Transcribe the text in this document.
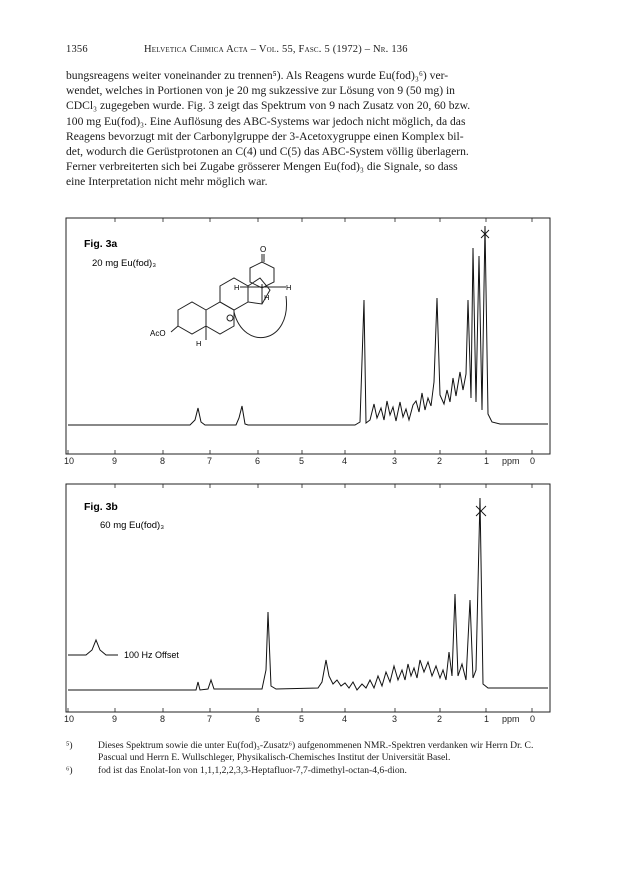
1356	Helvetica Chimica Acta – Vol. 55, Fasc. 5 (1972) – Nr. 136

bungsreagens weiter voneinander zu trennen⁵). Als Reagens wurde Eu(fod)₃⁶) ver-

wendet, welches in Portionen von je 20 mg sukzessive zur Lösung von 9 (50 mg) in

CDCl₃ zugegeben wurde. Fig. 3 zeigt das Spektrum von 9 nach Zusatz von 20, 60 bzw.

100 mg Eu(fod)₃. Eine Auflösung des ABC-Systems war jedoch nicht möglich, da das

Reagens bevorzugt mit der Carbonylgruppe der 3-Acetoxygruppe einen Komplex bil-

det, wodurch die Gerüstprotonen an C(4) und C(5) das ABC-System völlig überlagern.

Ferner verbreiterten sich bei Zugabe grösserer Mengen Eu(fod)₃ die Signale, so dass

eine Interpretation nicht mehr möglich war.

Fig. 3a
20 mg Eu(fod)₃
O
H
H
H
H
AcO
10	9	8	7	6	5	4	3	2	1 ppm 0
Fig. 3b
60 mg Eu(fod)₃
100 Hz Offset
10	9	8	7	6	5	4	3	2	1 ppm 0
⁵)	Dieses Spektrum sowie die unter Eu(fod)₃-Zusatz⁶) aufgenommenen NMR.-Spektren verdanken wir Herrn Dr. C. Pascual und Herrn E. Wullschleger, Physikalisch-Chemisches Institut der Universität Basel.
⁶)	fod ist das Enolat-Ion von 1,1,1,2,2,3,3-Heptafluor-7,7-dimethyl-octan-4,6-dion.
